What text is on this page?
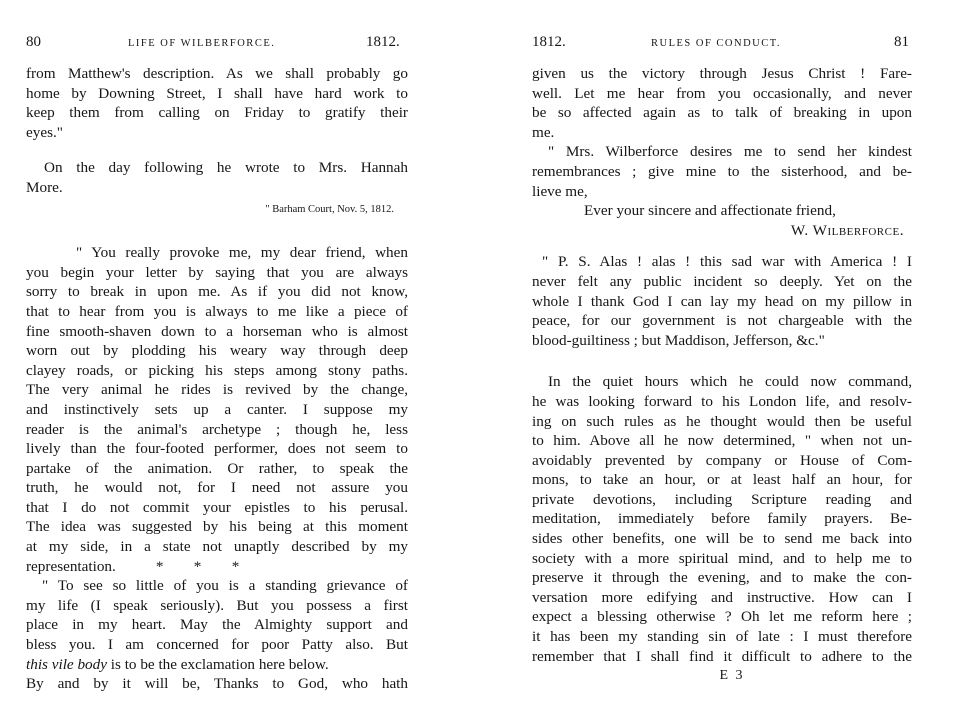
80	LIFE OF WILBERFORCE.	1812.
from Matthew's description. As we shall probably go
home by Downing Street, I shall have hard work to
keep them from calling on Friday to gratify their
eyes."
On the day following he wrote to Mrs. Hannah
More.
" Barham Court, Nov. 5, 1812.
" You really provoke me, my dear friend, when
you begin your letter by saying that you are always
sorry to break in upon me. As if you did not know,
that to hear from you is always to me like a piece of
fine smooth-shaven down to a horseman who is almost
worn out by plodding his weary way through deep
clayey roads, or picking his steps among stony paths.
The very animal he rides is revived by the change,
and instinctively sets up a canter. I suppose my
reader is the animal's archetype ; though he, less
lively than the four-footed performer, does not seem to
partake of the animation. Or rather, to speak the
truth, he would not, for I need not assure you
that I do not commit your epistles to his perusal.
The idea was suggested by his being at this moment
at my side, in a state not unaptly described by my
representation.	*        *        *
" To see so little of you is a standing grievance of
my life (I speak seriously). But you possess a first
place in my heart. May the Almighty support and
bless you. I am concerned for poor Patty also. But
this vile body is to be the exclamation here below.
By and by it will be, Thanks to God, who hath
1812.	RULES OF CONDUCT.	81
given us the victory through Jesus Christ ! Fare-
well. Let me hear from you occasionally, and never
be so affected again as to talk of breaking in upon
me.
" Mrs. Wilberforce desires me to send her kindest
remembrances ; give mine to the sisterhood, and be-
lieve me,
Ever your sincere and affectionate friend,
W. Wilberforce.
" P. S. Alas ! alas ! this sad war with America ! I
never felt any public incident so deeply. Yet on the
whole I thank God I can lay my head on my pillow in
peace, for our government is not chargeable with the
blood-guiltiness ; but Maddison, Jefferson, &c."
In the quiet hours which he could now command,
he was looking forward to his London life, and resolv-
ing on such rules as he thought would then be useful
to him. Above all he now determined, " when not un-
avoidably prevented by company or House of Com-
mons, to take an hour, or at least half an hour, for
private devotions, including Scripture reading and
meditation, immediately before family prayers. Be-
sides other benefits, one will be to send me back into
society with a more spiritual mind, and to help me to
preserve it through the evening, and to make the con-
versation more edifying and instructive. How can I
expect a blessing otherwise ? Oh let me reform here ;
it has been my standing sin of late : I must therefore
remember that I shall find it difficult to adhere to the
E 3
